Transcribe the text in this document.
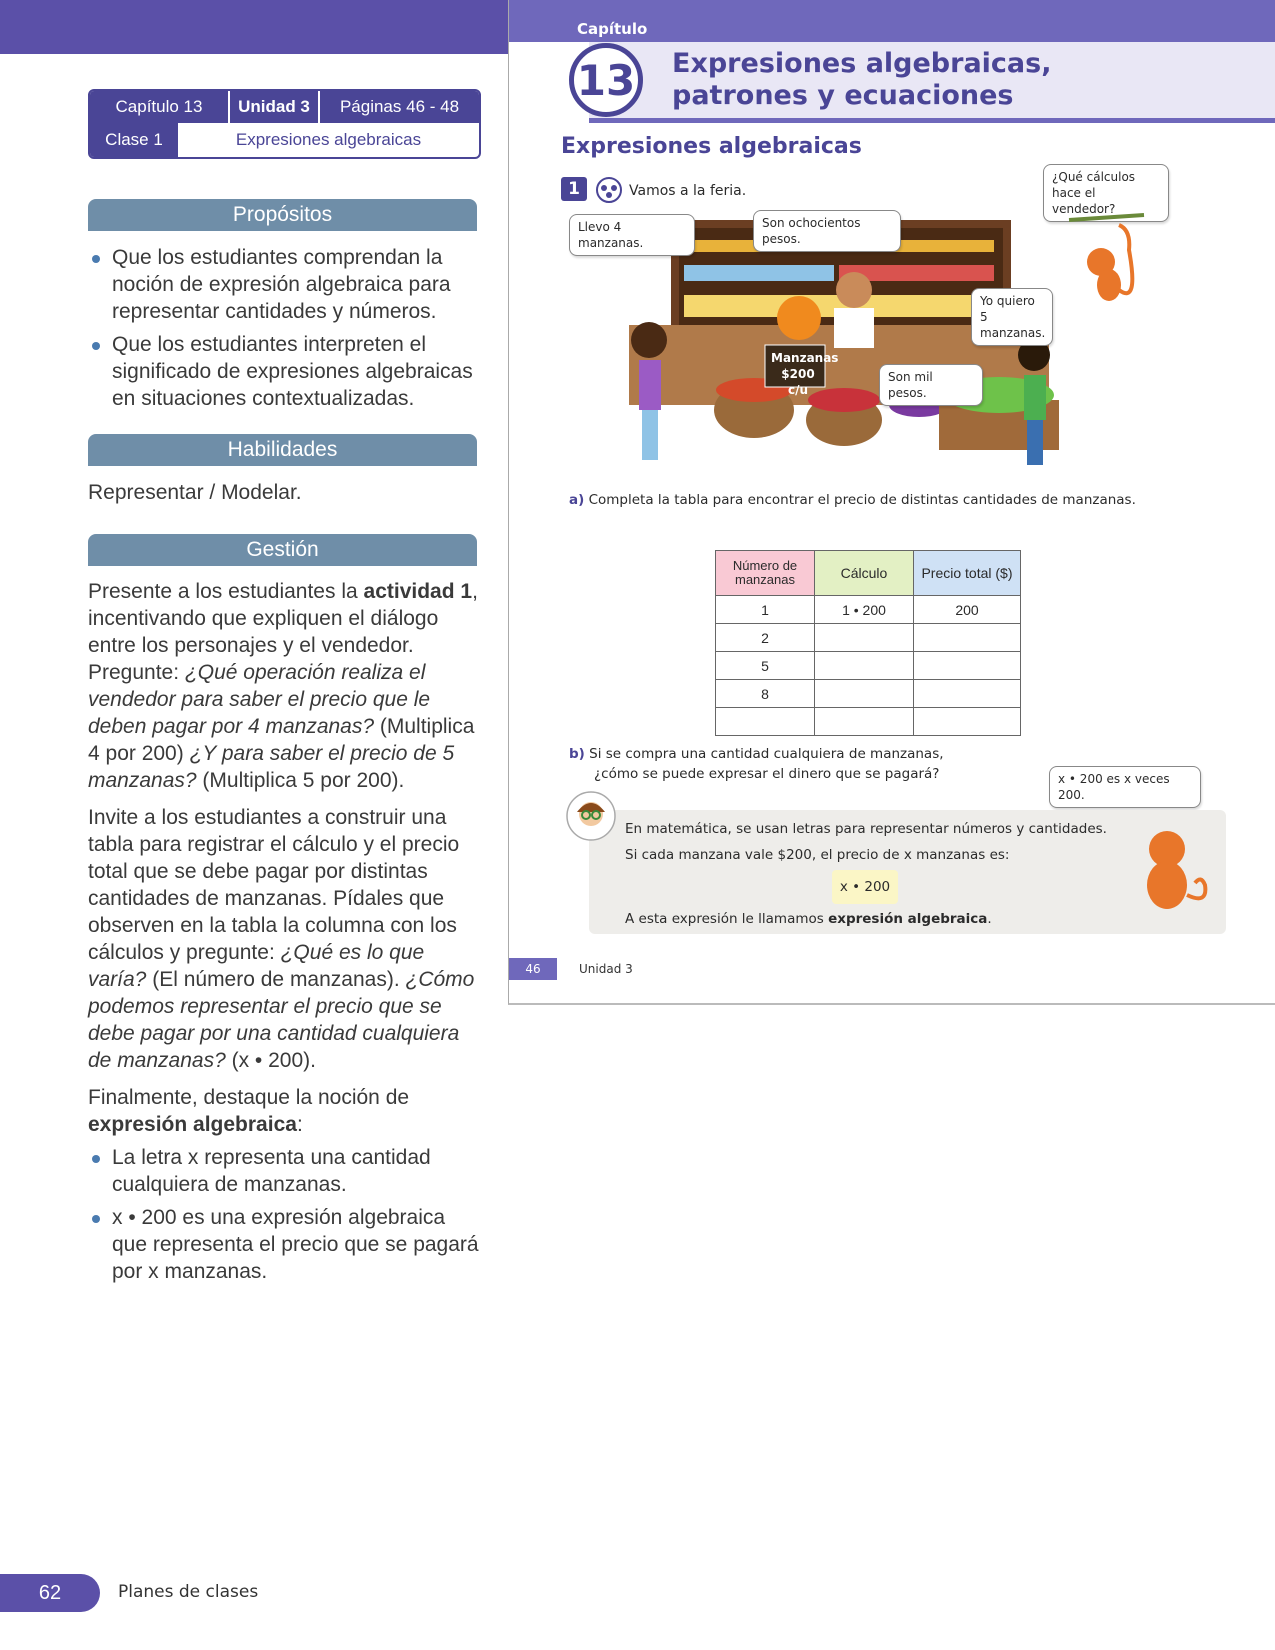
Capítulo 13	Unidad 3	Páginas 46 - 48
Clase 1	Expresiones algebraicas
Propósitos

Que los estudiantes comprendan la noción de expresión algebraica para representar cantidades y números.

Que los estudiantes interpreten el significado de expresiones algebraicas en situaciones contextualizadas.

Habilidades
Representar / Modelar.
Gestión

Presente a los estudiantes la actividad 1, incentivando que expliquen el diálogo entre los personajes y el vendedor. Pregunte: ¿Qué operación realiza el vendedor para saber el precio que le deben pagar por 4 manzanas? (Multiplica 4 por 200) ¿Y para saber el precio de 5 manzanas? (Multiplica 5 por 200).

Invite a los estudiantes a construir una tabla para registrar el cálculo y el precio total que se debe pagar por distintas cantidades de manzanas. Pídales que observen en la tabla la columna con los cálculos y pregunte: ¿Qué es lo que varía? (El número de manzanas). ¿Cómo podemos representar el precio que se debe pagar por una cantidad cualquiera de manzanas? (x • 200).

Finalmente, destaque la noción de expresión algebraica:

La letra x representa una cantidad cualquiera de manzanas.

x • 200 es una expresión algebraica que representa el precio que se pagará por x manzanas.

62	Planes de clases
Capítulo
13 Expresiones algebraicas,
patrones y ecuaciones
Expresiones algebraicas
1	Vamos a la feria.
Manzanas
$200 c/u
Llevo 4 manzanas.
Son ochocientos pesos.
¿Qué cálculos hace el vendedor?
Yo quiero 5 manzanas.
Son mil pesos.
a) Completa la tabla para encontrar el precio de distintas cantidades de manzanas.
Número de manzanas	Cálculo	Precio total ($)
1	1 • 200	200
2		
5		
8		

b) Si se compra una cantidad cualquiera de manzanas,
¿cómo se puede expresar el dinero que se pagará?	x • 200 es x veces 200.
En matemática, se usan letras para representar números y cantidades.
Si cada manzana vale $200, el precio de x manzanas es:
x • 200
A esta expresión le llamamos expresión algebraica.
46	Unidad 3
